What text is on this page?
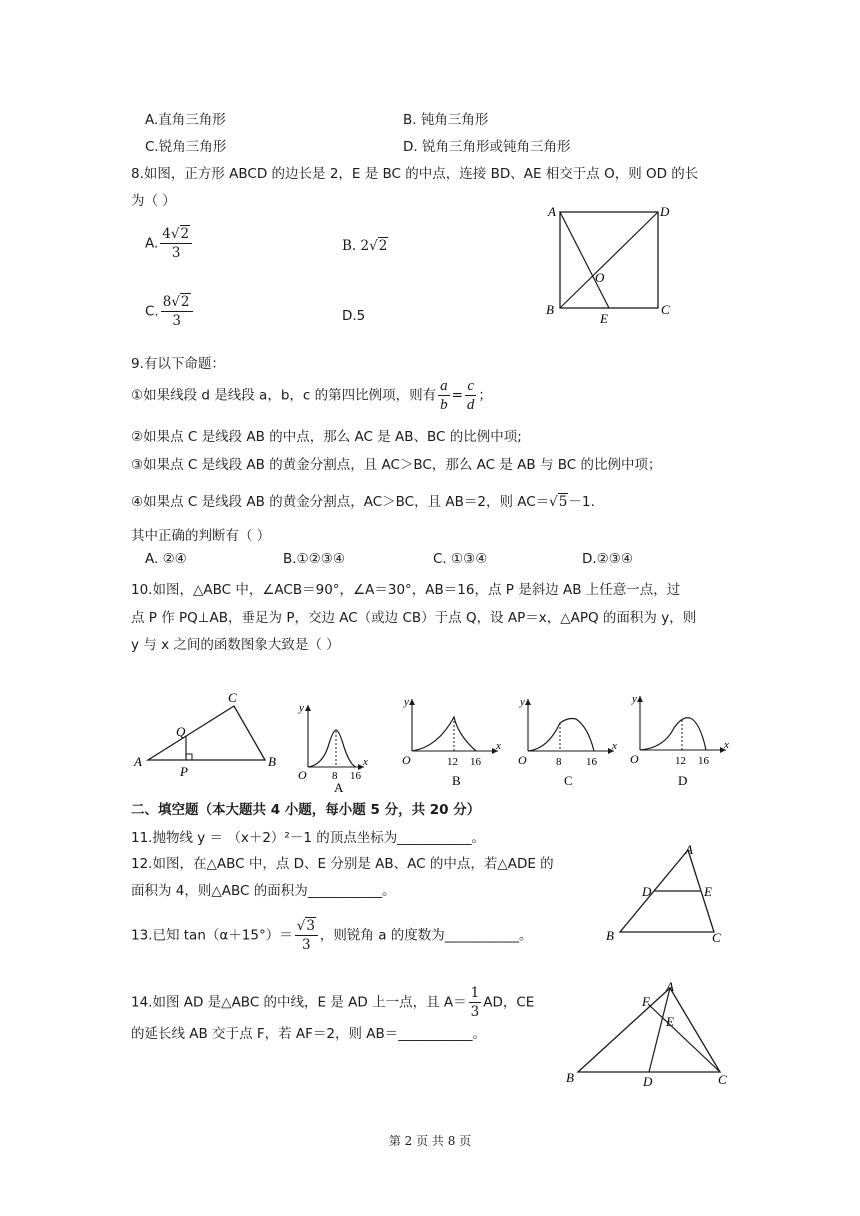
A.直角三角形	B. 钝角三角形
C.锐角三角形	D. 锐角三角形或钝角三角形
8.如图，正方形 ABCD 的边长是 2，E 是 BC 的中点，连接 BD、AE 相交于点 O，则 OD 的长
为（ ）
A. $\frac{4√2}{3}$	B. 2√2
C. $\frac{8√2}{3}$	D.5
A	D
B	C
E
O
9.有以下命题：
①如果线段 d 是线段 a，b，c 的第四比例项，则有 $\frac{a}{b} = \frac{c}{d}$ ；
②如果点 C 是线段 AB 的中点，那么 AC 是 AB、BC 的比例中项;
③如果点 C 是线段 AB 的黄金分割点，且 AC＞BC，那么 AC 是 AB 与 BC 的比例中项；
④如果点 C 是线段 AB 的黄金分割点，AC＞BC，且 AB＝2，则 AC＝√5－1.
其中正确的判断有（ ）
A. ②④	B.①②③④	C. ①③④	D.②③④
10.如图，△ABC 中，∠ACB＝90°，∠A＝30°，AB＝16，点 P 是斜边 AB 上任意一点，过
点 P 作 PQ⊥AB，垂足为 P，交边 AC（或边 CB）于点 Q，设 AP＝x，△APQ 的面积为 y，则
y 与 x 之间的函数图象大致是（ ）
A	B
C
Q
P	O
y
x
8 16
A
O
y
x
12 16
B
O
y
x
8 16
C
O
y
x
12 16
D
二、填空题（本大题共 4 小题，每小题 5 分，共 20 分）
11.抛物线 y ＝ （x＋2）²－1 的顶点坐标为___________。
12.如图，在△ABC 中，点 D、E 分别是 AB、AC 的中点，若△ADE 的
面积为 4，则△ABC 的面积为___________。
A
B	C
D	E
13.已知 $\tan(\alpha+15^\circ)= \frac{√3}{3}$ ，则锐角 a 的度数为___________。
14.如图 AD 是△ABC 的中线，E 是 AD 上一点，且 $A= \frac{1}{3}$ AD，CE
的延长线 AB 交于点 F，若 AF＝2，则 AB＝___________。
A
B	C
D
E
F
第 2 页 共 8 页
